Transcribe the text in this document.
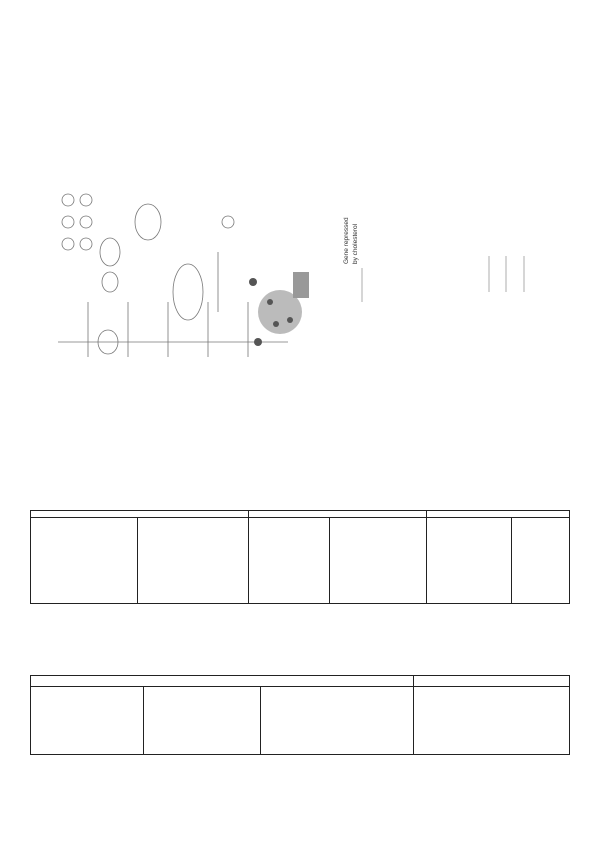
Gene repressed by cholesterol
